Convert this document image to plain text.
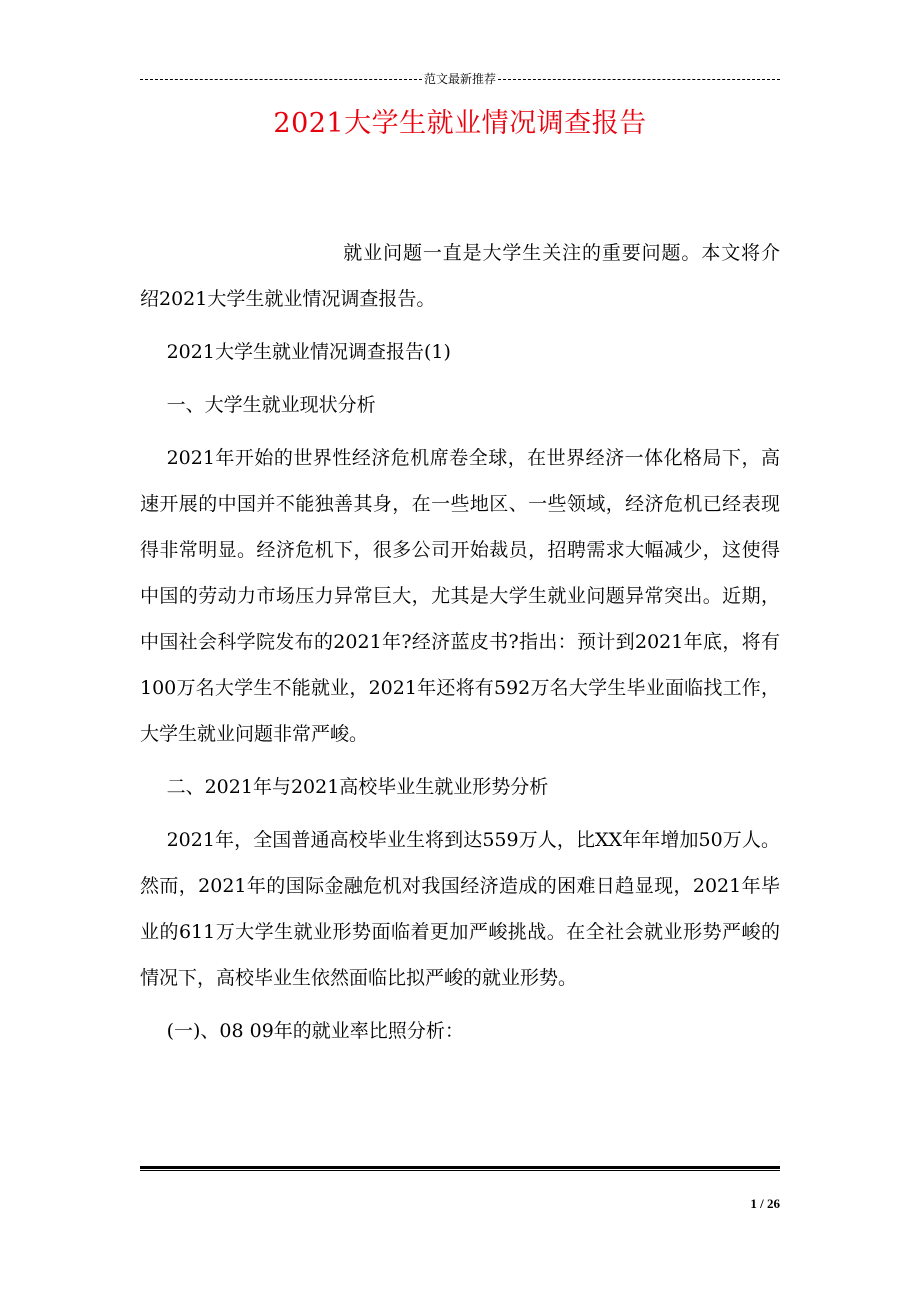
范文最新推荐
2021大学生就业情况调查报告

就业问题一直是大学生关注的重要问题。本文将介绍2021大学生就业情况调查报告。

2021大学生就业情况调查报告(1)

一、大学生就业现状分析

2021年开始的世界性经济危机席卷全球，在世界经济一体化格局下，高速开展的中国并不能独善其身，在一些地区、一些领域，经济危机已经表现得非常明显。经济危机下，很多公司开始裁员，招聘需求大幅减少，这使得中国的劳动力市场压力异常巨大，尤其是大学生就业问题异常突出。近期，中国社会科学院发布的2021年?经济蓝皮书?指出：预计到2021年底，将有100万名大学生不能就业，2021年还将有592万名大学生毕业面临找工作，大学生就业问题非常严峻。

二、2021年与2021高校毕业生就业形势分析

2021年，全国普通高校毕业生将到达559万人，比XX年年增加50万人。然而，2021年的国际金融危机对我国经济造成的困难日趋显现，2021年毕业的611万大学生就业形势面临着更加严峻挑战。在全社会就业形势严峻的情况下，高校毕业生依然面临比拟严峻的就业形势。

(一)、08 09年的就业率比照分析：

1 / 26
